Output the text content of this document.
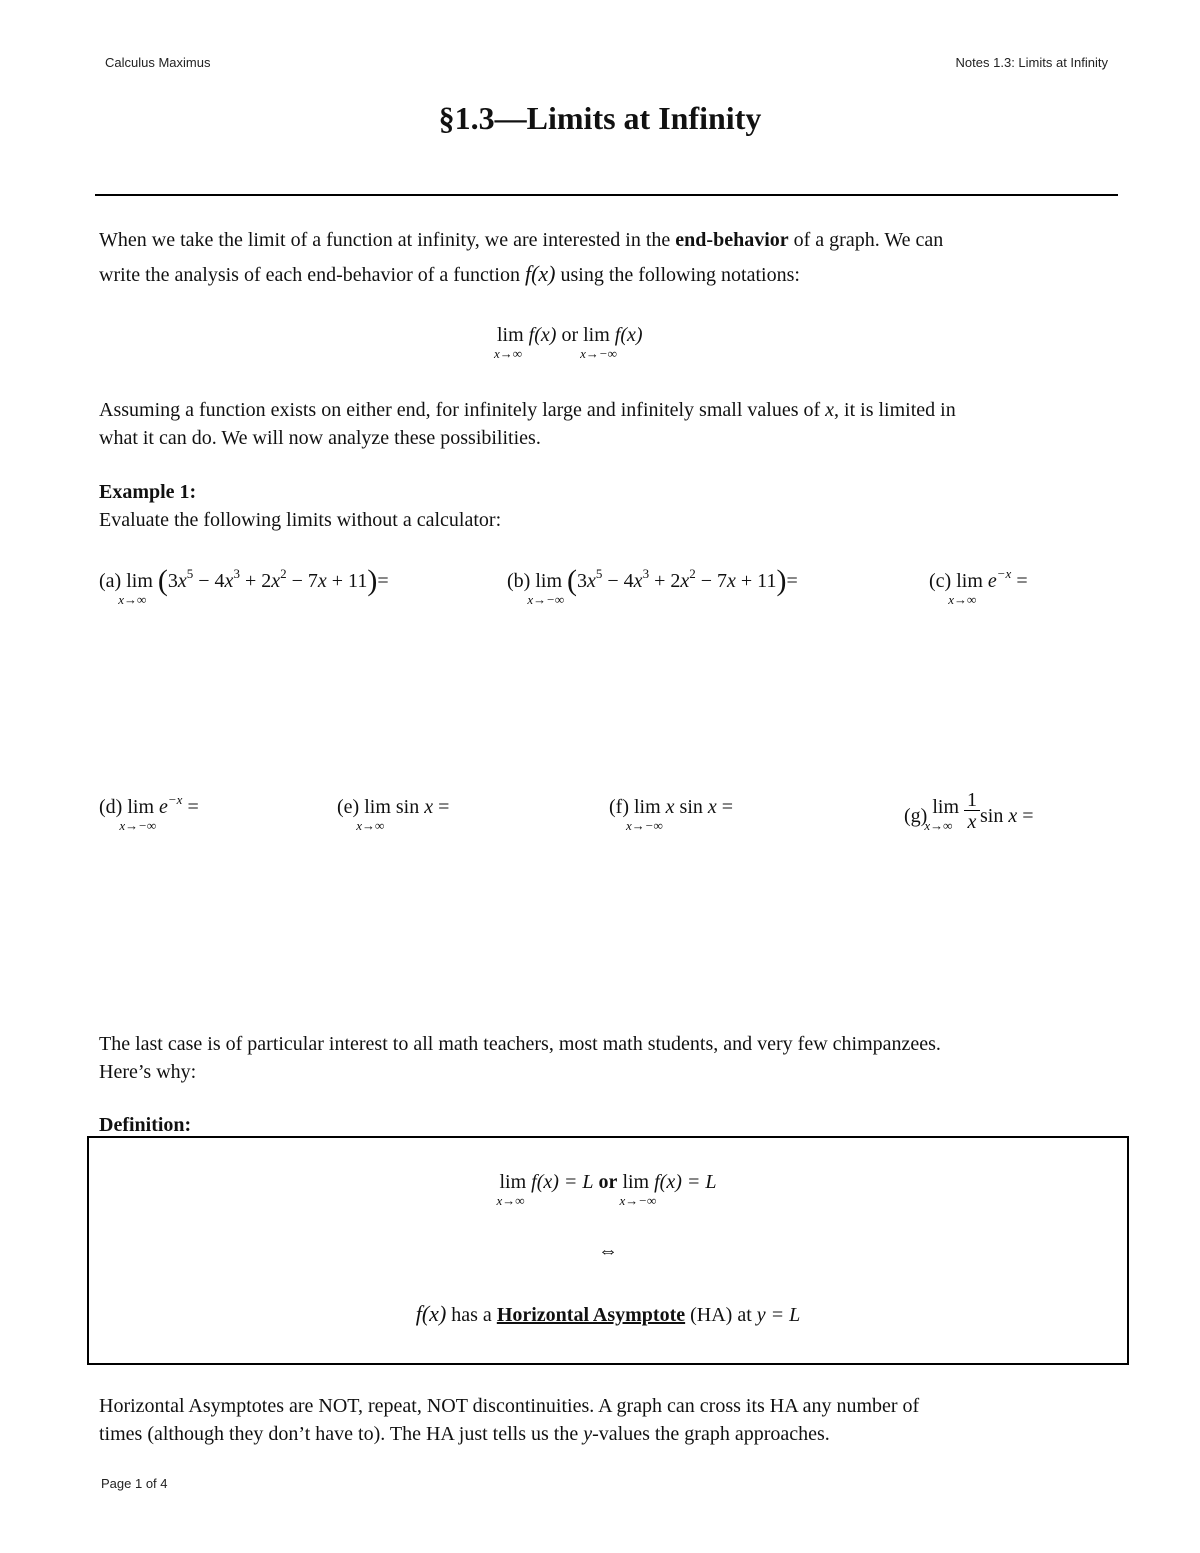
Calculus Maximus	Notes 1.3: Limits at Infinity
§1.3—Limits at Infinity
When we take the limit of a function at infinity, we are interested in the end-behavior of a graph. We can
write the analysis of each end-behavior of a function f(x) using the following notations:
lim
x→∞
f(x) or lim
x→−∞
f(x)
Assuming a function exists on either end, for infinitely large and infinitely small values of x, it is limited in
what it can do. We will now analyze these possibilities.
Example 1:
Evaluate the following limits without a calculator:
(a) lim
x→∞
$(3x^5 - 4x^3 + 2x^2 - 7x + 11)=$	(b) lim
x→−∞
$(3x^5 - 4x^3 + 2x^2 - 7x + 11)=$	(c) lim
x→∞
$e^{-x}$ =
(d) lim
x→−∞
$e^{-x}$ =	(e) lim
x→∞
sin x =	(f) lim
x→−∞
x sin x =	(g) lim
x→∞
$\frac{1}{x}$ sin x =
The last case is of particular interest to all math teachers, most math students, and very few chimpanzees.
Here’s why:
Definition:
lim
x→∞
f(x) = L or lim
x→−∞
f(x) = L
⇔
f(x) has a Horizontal Asymptote (HA) at y = L
Horizontal Asymptotes are NOT, repeat, NOT discontinuities. A graph can cross its HA any number of
times (although they don’t have to). The HA just tells us the y-values the graph approaches.
Page 1 of 4
